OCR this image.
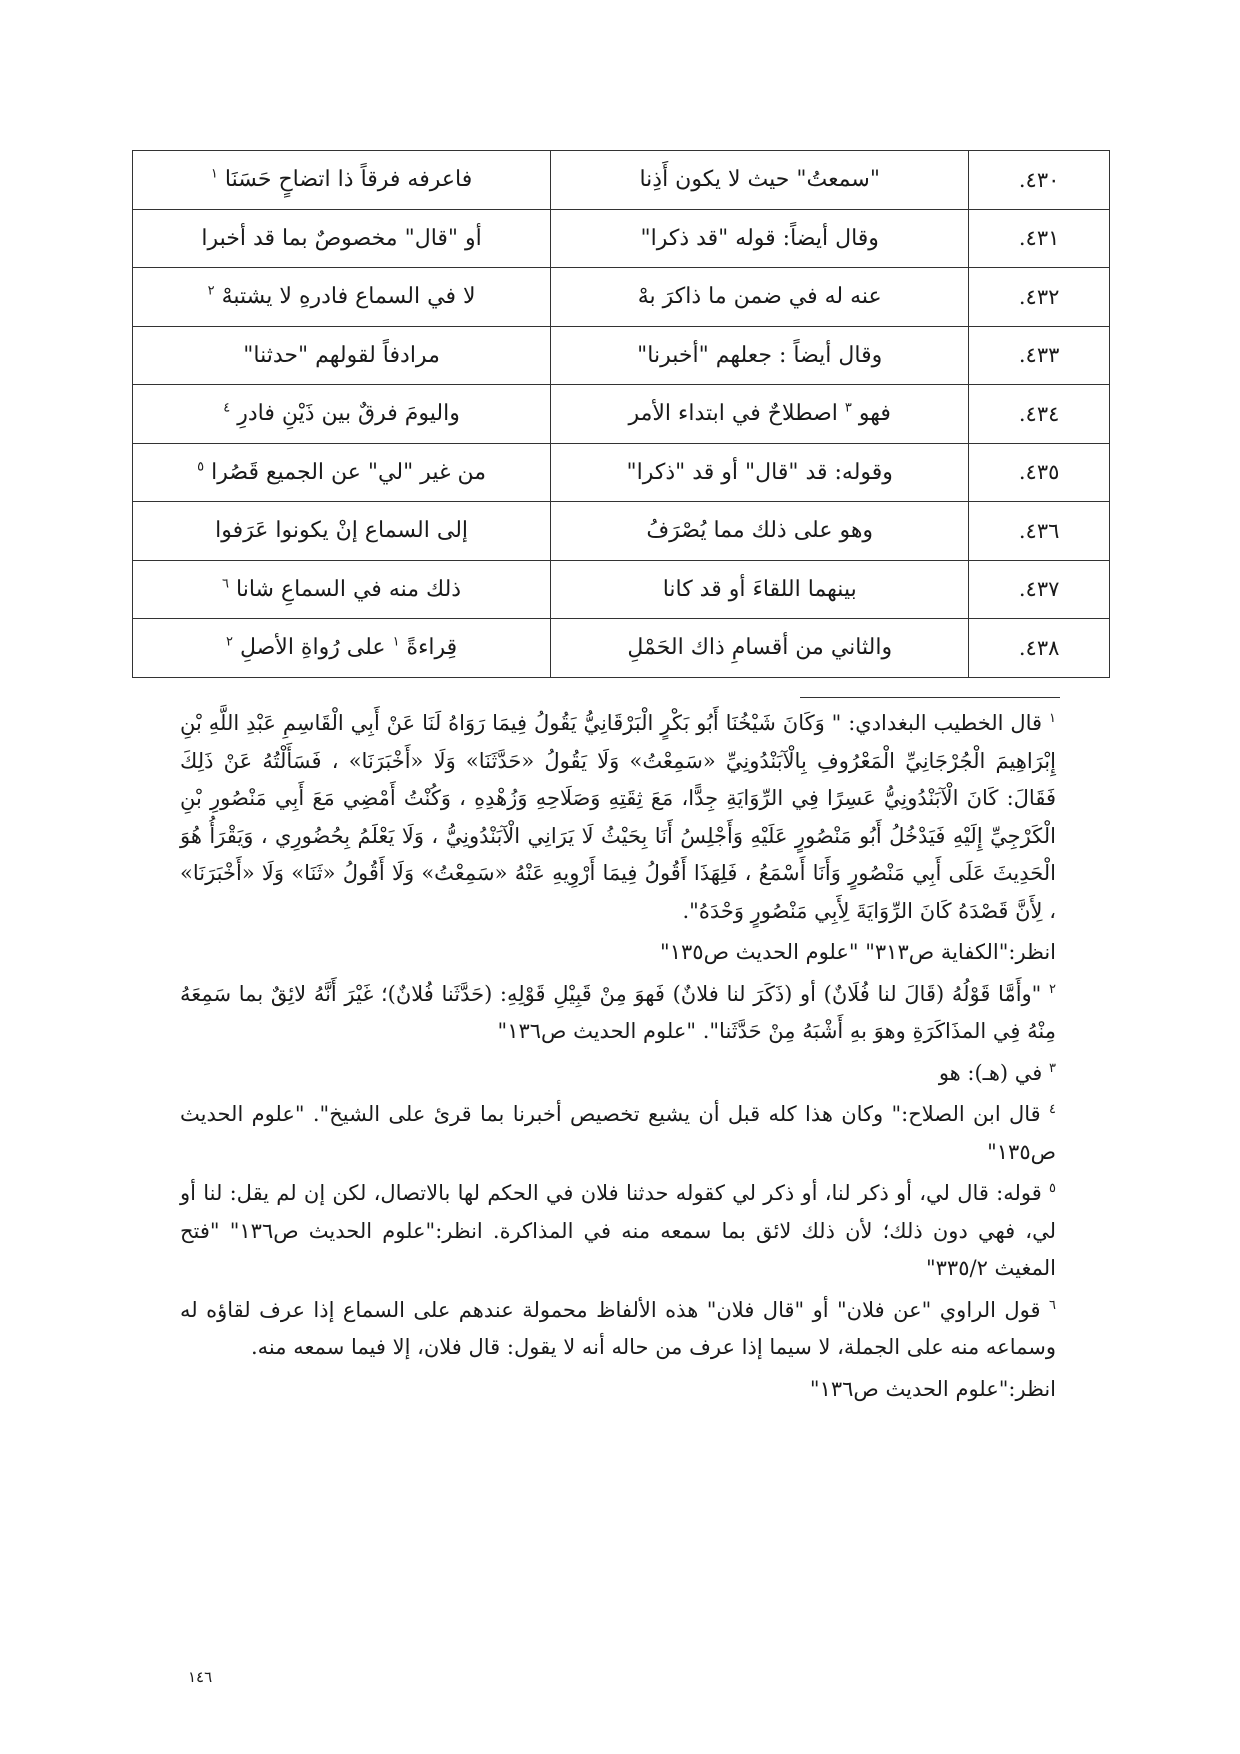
٤٣٠.	"سمعتُ" حيث لا يكون أَذِنا	فاعرفه فرقاً ذا اتضاحٍ حَسَنَا $^١$
٤٣١.	وقال أيضاً: قوله "قد ذكرا"	أو "قال" مخصوصٌ بما قد أخبرا
٤٣٢.	عنه له في ضمن ما ذاكرَ بهْ	لا في السماع فادرهِ لا يشتبهْ $^٢$
٤٣٣.	وقال أيضاً : جعلهم "أخبرنا"	مرادفاً لقولهم "حدثنا"
٤٣٤.	فهو $^٣$ اصطلاحٌ في ابتداء الأمر	واليومَ فرقٌ بين ذَيْنِ فادرِ $^٤$
٤٣٥.	وقوله: قد "قال" أو قد "ذكرا"	من غير "لي" عن الجميع قَصُرا $^٥$
٤٣٦.	وهو على ذلك مما يُصْرَفُ	إلى السماع إنْ يكونوا عَرَفوا
٤٣٧.	بينهما اللقاءَ أو قد كانا	ذلك منه في السماعِ شانا $^٦$
٤٣٨.	والثاني من أقسامِ ذاك الحَمْلِ	قِراءةً $^١$ على رُواةِ الأصلِ $^٢$

$^١$ قال الخطيب البغدادي: " وَكَانَ شَيْخُنَا أَبُو بَكْرٍ الْبَرْقَانِيُّ يَقُولُ فِيمَا رَوَاهُ لَنَا عَنْ أَبِي الْقَاسِمِ عَبْدِ اللَّهِ بْنِ إِبْرَاهِيمَ الْجُرْجَانِيِّ الْمَعْرُوفِ بِالْآبَنْدُونِيِّ «سَمِعْتُ» وَلَا يَقُولُ «حَدَّثَنَا» وَلَا «أَخْبَرَنَا» ، فَسَأَلْتُهُ عَنْ ذَلِكَ فَقَالَ: كَانَ الْآبَنْدُونِيُّ عَسِرًا فِي الرِّوَايَةِ جِدًّا، مَعَ ثِقَتِهِ وَصَلَاحِهِ وَزُهْدِهِ ، وَكُنْتُ أَمْضِي مَعَ أَبِي مَنْصُورِ بْنِ الْكَرْجِيِّ إِلَيْهِ فَيَدْخُلُ أَبُو مَنْصُورٍ عَلَيْهِ وَأَجْلِسُ أَنَا بِحَيْثُ لَا يَرَانِي الْآبَنْدُونِيُّ ، وَلَا يَعْلَمُ بِحُضُورِي ، وَيَقْرَأُ هُوَ الْحَدِيثَ عَلَى أَبِي مَنْصُورٍ وَأَنَا أَسْمَعُ ، فَلِهَذَا أَقُولُ فِيمَا أَرْوِيهِ عَنْهُ «سَمِعْتُ» وَلَا أَقُولُ «ثَنَا» وَلَا «أَخْبَرَنَا» ، لِأَنَّ قَصْدَهُ كَانَ الرِّوَايَةَ لِأَبِي مَنْصُورٍ وَحْدَهُ".

انظر:"الكفاية ص٣١٣" "علوم الحديث ص١٣٥"

$^٢$ "وأَمَّا قَوْلُهُ (قَالَ لنا فُلَانٌ) أو (ذَكَرَ لنا فلانٌ) فَهوَ مِنْ قَبِيْلِ قَوْلِهِ: (حَدَّثَنا فُلانٌ)؛ غَيْرَ أَنَّهُ لائِقٌ بما سَمِعَهُ مِنْهُ فِي المذَاكَرَةِ وهوَ بهِ أَشْبَهُ مِنْ حَدَّثَنا". "علوم الحديث ص١٣٦"

$^٣$ في (هـ): هو

$^٤$ قال ابن الصلاح:" وكان هذا كله قبل أن يشيع تخصيص أخبرنا بما قرئ على الشيخ". "علوم الحديث ص١٣٥"

$^٥$ قوله: قال لي، أو ذكر لنا، أو ذكر لي كقوله حدثنا فلان في الحكم لها بالاتصال، لكن إن لم يقل: لنا أو لي، فهي دون ذلك؛ لأن ذلك لائق بما سمعه منه في المذاكرة. انظر:"علوم الحديث ص١٣٦" "فتح المغيث ٣٣٥/٢"

$^٦$ قول الراوي "عن فلان" أو "قال فلان" هذه الألفاظ محمولة عندهم على السماع إذا عرف لقاؤه له وسماعه منه على الجملة، لا سيما إذا عرف من حاله أنه لا يقول: قال فلان، إلا فيما سمعه منه.

انظر:"علوم الحديث ص١٣٦"

١٤٦
